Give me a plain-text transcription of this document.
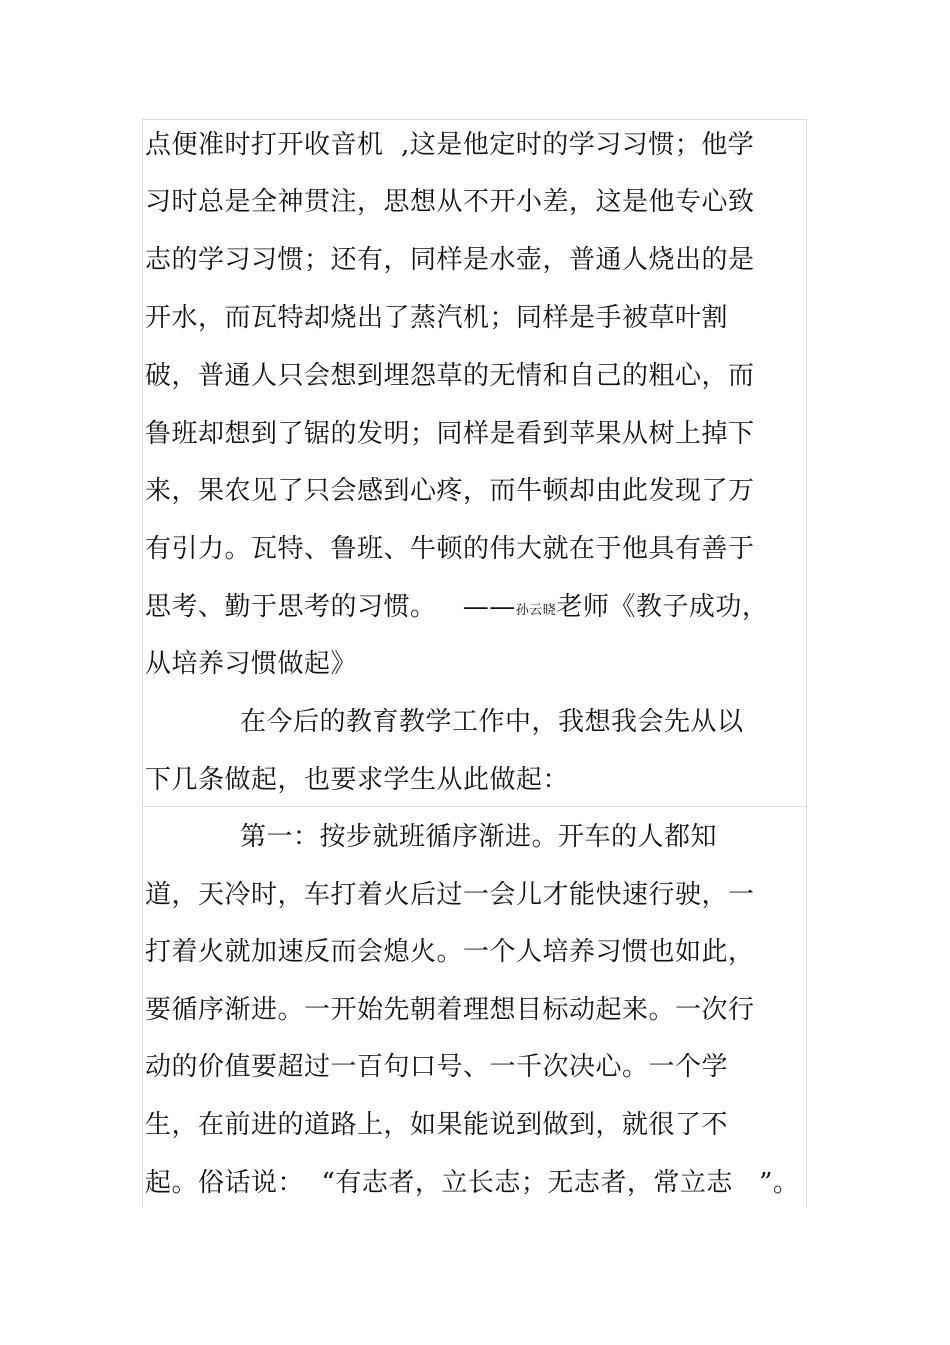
点便准时打开收音机  ,这是他定时的学习习惯；他学
习时总是全神贯注，思想从不开小差，这是他专心致
志的学习习惯；还有，同样是水壶，普通人烧出的是
开水，而瓦特却烧出了蒸汽机；同样是手被草叶割
破，普通人只会想到埋怨草的无情和自己的粗心，而
鲁班却想到了锯的发明；同样是看到苹果从树上掉下
来，果农见了只会感到心疼，而牛顿却由此发现了万
有引力。瓦特、鲁班、牛顿的伟大就在于他具有善于
思考、勤于思考的习惯。   ——孙云晓老师《教子成功，
从培养习惯做起》
在今后的教育教学工作中，我想我会先从以
下几条做起，也要求学生从此做起：
第一：按步就班循序渐进。开车的人都知
道，天冷时，车打着火后过一会儿才能快速行驶，一
打着火就加速反而会熄火。一个人培养习惯也如此，
要循序渐进。一开始先朝着理想目标动起来。一次行
动的价值要超过一百句口号、一千次决心。一个学
生，在前进的道路上，如果能说到做到，就很了不
起。俗话说：  “有志者，立长志；无志者，常立志   ”。
